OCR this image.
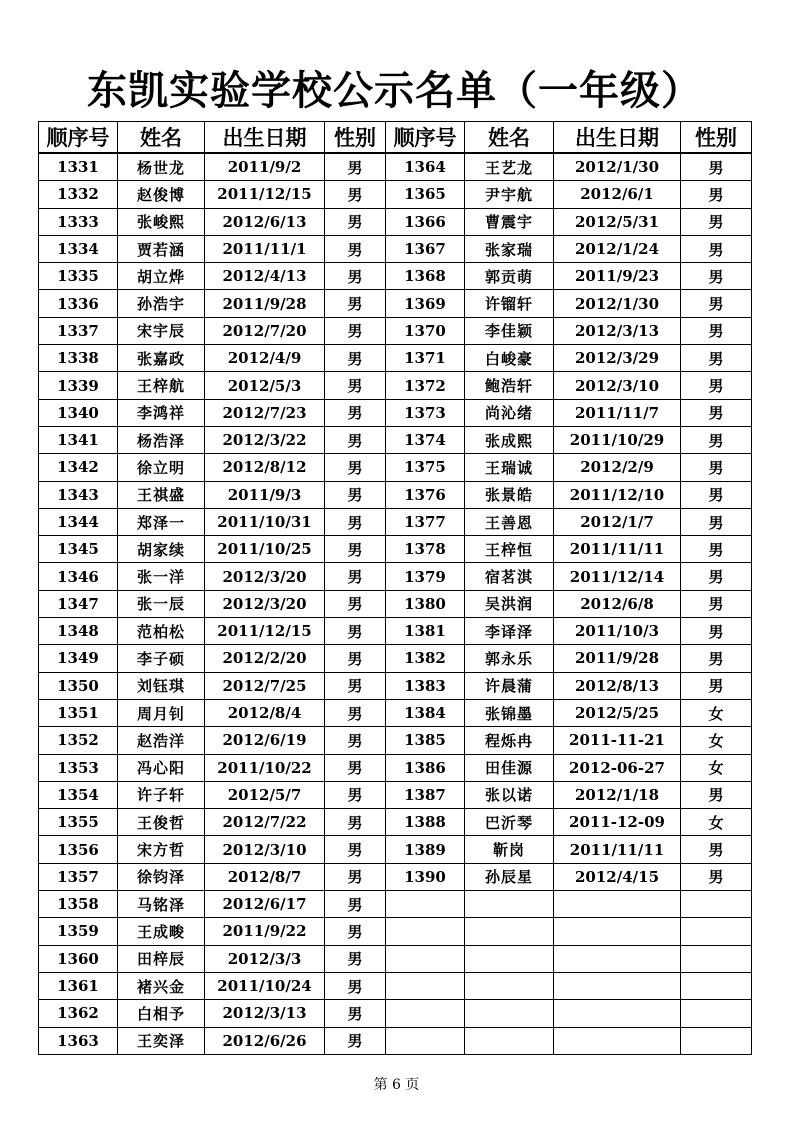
东凯实验学校公示名单（一年级）
顺序号	姓名	出生日期	性别	顺序号	姓名	出生日期	性别
1331	杨世龙	2011/9/2	男	1364	王艺龙	2012/1/30	男
1332	赵俊博	2011/12/15	男	1365	尹宇航	2012/6/1	男
1333	张峻熙	2012/6/13	男	1366	曹震宇	2012/5/31	男
1334	贾若涵	2011/11/1	男	1367	张家瑞	2012/1/24	男
1335	胡立烨	2012/4/13	男	1368	郭贡萌	2011/9/23	男
1336	孙浩宇	2011/9/28	男	1369	许镏轩	2012/1/30	男
1337	宋宇辰	2012/7/20	男	1370	李佳颖	2012/3/13	男
1338	张嘉政	2012/4/9	男	1371	白峻豪	2012/3/29	男
1339	王梓航	2012/5/3	男	1372	鲍浩轩	2012/3/10	男
1340	李鸿祥	2012/7/23	男	1373	尚沁绪	2011/11/7	男
1341	杨浩泽	2012/3/22	男	1374	张成熙	2011/10/29	男
1342	徐立明	2012/8/12	男	1375	王瑞诚	2012/2/9	男
1343	王祺盛	2011/9/3	男	1376	张景皓	2011/12/10	男
1344	郑泽一	2011/10/31	男	1377	王善恩	2012/1/7	男
1345	胡家续	2011/10/25	男	1378	王梓恒	2011/11/11	男
1346	张一洋	2012/3/20	男	1379	宿茗淇	2011/12/14	男
1347	张一辰	2012/3/20	男	1380	吴洪润	2012/6/8	男
1348	范柏松	2011/12/15	男	1381	李译泽	2011/10/3	男
1349	李子硕	2012/2/20	男	1382	郭永乐	2011/9/28	男
1350	刘钰琪	2012/7/25	男	1383	许晨蒲	2012/8/13	男
1351	周月钊	2012/8/4	男	1384	张锦墨	2012/5/25	女
1352	赵浩洋	2012/6/19	男	1385	程烁冉	2011-11-21	女
1353	冯心阳	2011/10/22	男	1386	田佳源	2012-06-27	女
1354	许子轩	2012/5/7	男	1387	张以诺	2012/1/18	男
1355	王俊哲	2012/7/22	男	1388	巴沂琴	2011-12-09	女
1356	宋方哲	2012/3/10	男	1389	靳岗	2011/11/11	男
1357	徐钧泽	2012/8/7	男	1390	孙辰星	2012/4/15	男
1358	马铭泽	2012/6/17	男				
1359	王成畯	2011/9/22	男				
1360	田梓辰	2012/3/3	男				
1361	褚兴金	2011/10/24	男				
1362	白相予	2012/3/13	男				
1363	王奕泽	2012/6/26	男				
第 6 页
